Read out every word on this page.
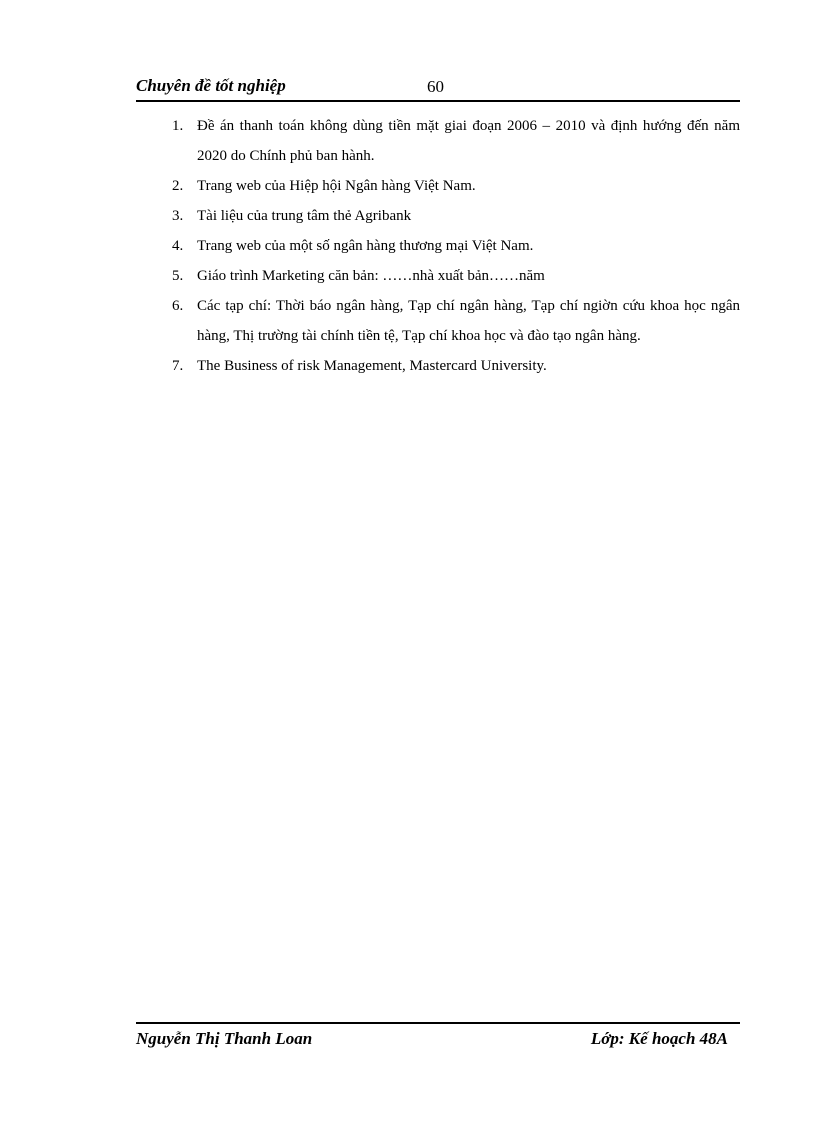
Chuyên đề tốt nghiệp	60
1. Đề án thanh toán không dùng tiền mặt giai đoạn 2006 – 2010 và định hướng đến năm 2020 do Chính phủ ban hành.
2. Trang web của Hiệp hội Ngân hàng Việt Nam.
3. Tài liệu của trung tâm thẻ Agribank
4. Trang web của một số ngân hàng thương mại Việt Nam.
5. Giáo trình Marketing căn bản: ……nhà xuất bản……năm
6. Các tạp chí: Thời báo ngân hàng, Tạp chí ngân hàng, Tạp chí ngiờn cứu khoa học ngân hàng, Thị trường tài chính tiền tệ, Tạp chí khoa học và đào tạo ngân hàng.
7. The Business of risk Management, Mastercard University.
Nguyễn Thị Thanh Loan	Lớp: Kế hoạch 48A
